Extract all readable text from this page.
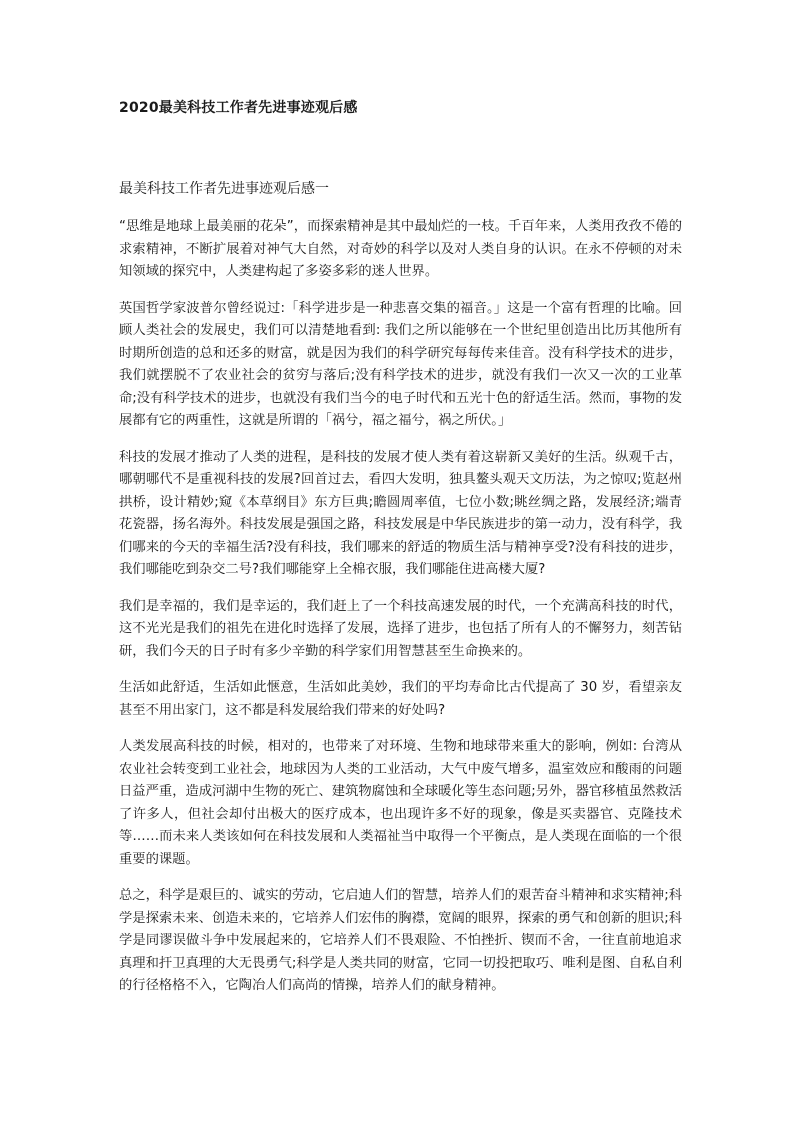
2020最美科技工作者先进事迹观后感
最美科技工作者先进事迹观后感一

“思维是地球上最美丽的花朵”，而探索精神是其中最灿烂的一枝。千百年来，人类用孜孜不倦的求索精神，不断扩展着对神气大自然，对奇妙的科学以及对人类自身的认识。在永不停顿的对未知领域的探究中，人类建构起了多姿多彩的迷人世界。

英国哲学家波普尔曾经说过:「科学进步是一种悲喜交集的福音。」这是一个富有哲理的比喻。回顾人类社会的发展史，我们可以清楚地看到: 我们之所以能够在一个世纪里创造出比历其他所有时期所创造的总和还多的财富，就是因为我们的科学研究每每传来佳音。没有科学技术的进步，我们就摆脱不了农业社会的贫穷与落后;没有科学技术的进步，就没有我们一次又一次的工业革命;没有科学技术的进步，也就没有我们当今的电子时代和五光十色的舒适生活。然而，事物的发展都有它的两重性，这就是所谓的「祸兮，福之福兮，祸之所伏。」

科技的发展才推动了人类的进程，是科技的发展才使人类有着这崭新又美好的生活。纵观千古，哪朝哪代不是重视科技的发展?回首过去，看四大发明，独具鳌头观天文历法，为之惊叹;览赵州拱桥，设计精妙;窥《本草纲目》东方巨典;瞻圆周率值，七位小数;眺丝绸之路，发展经济;端青花瓷器，扬名海外。科技发展是强国之路，科技发展是中华民族进步的第一动力，没有科学，我们哪来的今天的幸福生活?没有科技，我们哪来的舒适的物质生活与精神享受?没有科技的进步，我们哪能吃到杂交二号?我们哪能穿上全棉衣服，我们哪能住进高楼大厦?

我们是幸福的，我们是幸运的，我们赶上了一个科技高速发展的时代，一个充满高科技的时代，这不光光是我们的祖先在进化时选择了发展，选择了进步，也包括了所有人的不懈努力，刻苦钻研，我们今天的日子时有多少辛勤的科学家们用智慧甚至生命换来的。

生活如此舒适，生活如此惬意，生活如此美妙，我们的平均寿命比古代提高了 30 岁，看望亲友甚至不用出家门，这不都是科发展给我们带来的好处吗?

人类发展高科技的时候，相对的，也带来了对环境、生物和地球带来重大的影响，例如: 台湾从农业社会转变到工业社会，地球因为人类的工业活动，大气中废气增多，温室效应和酸雨的问题日益严重，造成河湖中生物的死亡、建筑物腐蚀和全球暖化等生态问题;另外，器官移植虽然救活了许多人，但社会却付出极大的医疗成本，也出现许多不好的现象，像是买卖器官、克隆技术等……而未来人类该如何在科技发展和人类福祉当中取得一个平衡点，是人类现在面临的一个很重要的课题。

总之，科学是艰巨的、诚实的劳动，它启迪人们的智慧，培养人们的艰苦奋斗精神和求实精神;科学是探索未来、创造未来的，它培养人们宏伟的胸襟，宽阔的眼界，探索的勇气和创新的胆识;科学是同谬误做斗争中发展起来的，它培养人们不畏艰险、不怕挫折、锲而不舍，一往直前地追求真理和扞卫真理的大无畏勇气;科学是人类共同的财富，它同一切投把取巧、唯利是图、自私自利的行径格格不入，它陶冶人们高尚的情操，培养人们的献身精神。
